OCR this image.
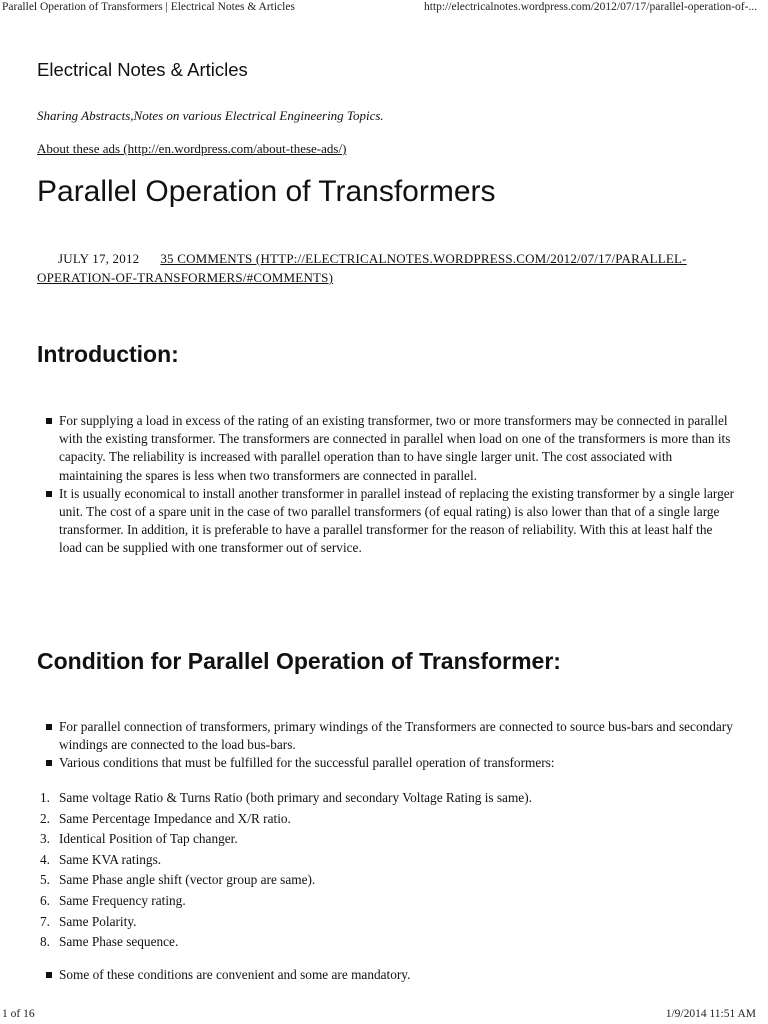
Parallel Operation of Transformers | Electrical Notes & Articles	http://electricalnotes.wordpress.com/2012/07/17/parallel-operation-of-...
Electrical Notes & Articles
Sharing Abstracts,Notes on various Electrical Engineering Topics.
About these ads (http://en.wordpress.com/about-these-ads/)
Parallel Operation of Transformers
JULY 17, 2012 35 COMMENTS (HTTP://ELECTRICALNOTES.WORDPRESS.COM/2012/07/17/PARALLEL-OPERATION-OF-TRANSFORMERS/#COMMENTS)
Introduction:
For supplying a load in excess of the rating of an existing transformer, two or more transformers may be connected in parallel with the existing transformer. The transformers are connected in parallel when load on one of the transformers is more than its capacity. The reliability is increased with parallel operation than to have single larger unit. The cost associated with maintaining the spares is less when two transformers are connected in parallel.
It is usually economical to install another transformer in parallel instead of replacing the existing transformer by a single larger unit. The cost of a spare unit in the case of two parallel transformers (of equal rating) is also lower than that of a single large transformer. In addition, it is preferable to have a parallel transformer for the reason of reliability. With this at least half the load can be supplied with one transformer out of service.
Condition for Parallel Operation of Transformer:
For parallel connection of transformers, primary windings of the Transformers are connected to source bus-bars and secondary windings are connected to the load bus-bars.
Various conditions that must be fulfilled for the successful parallel operation of transformers:
1. Same voltage Ratio & Turns Ratio (both primary and secondary Voltage Rating is same).
2. Same Percentage Impedance and X/R ratio.
3. Identical Position of Tap changer.
4. Same KVA ratings.
5. Same Phase angle shift (vector group are same).
6. Same Frequency rating.
7. Same Polarity.
8. Same Phase sequence.
Some of these conditions are convenient and some are mandatory.
1 of 16	1/9/2014 11:51 AM
